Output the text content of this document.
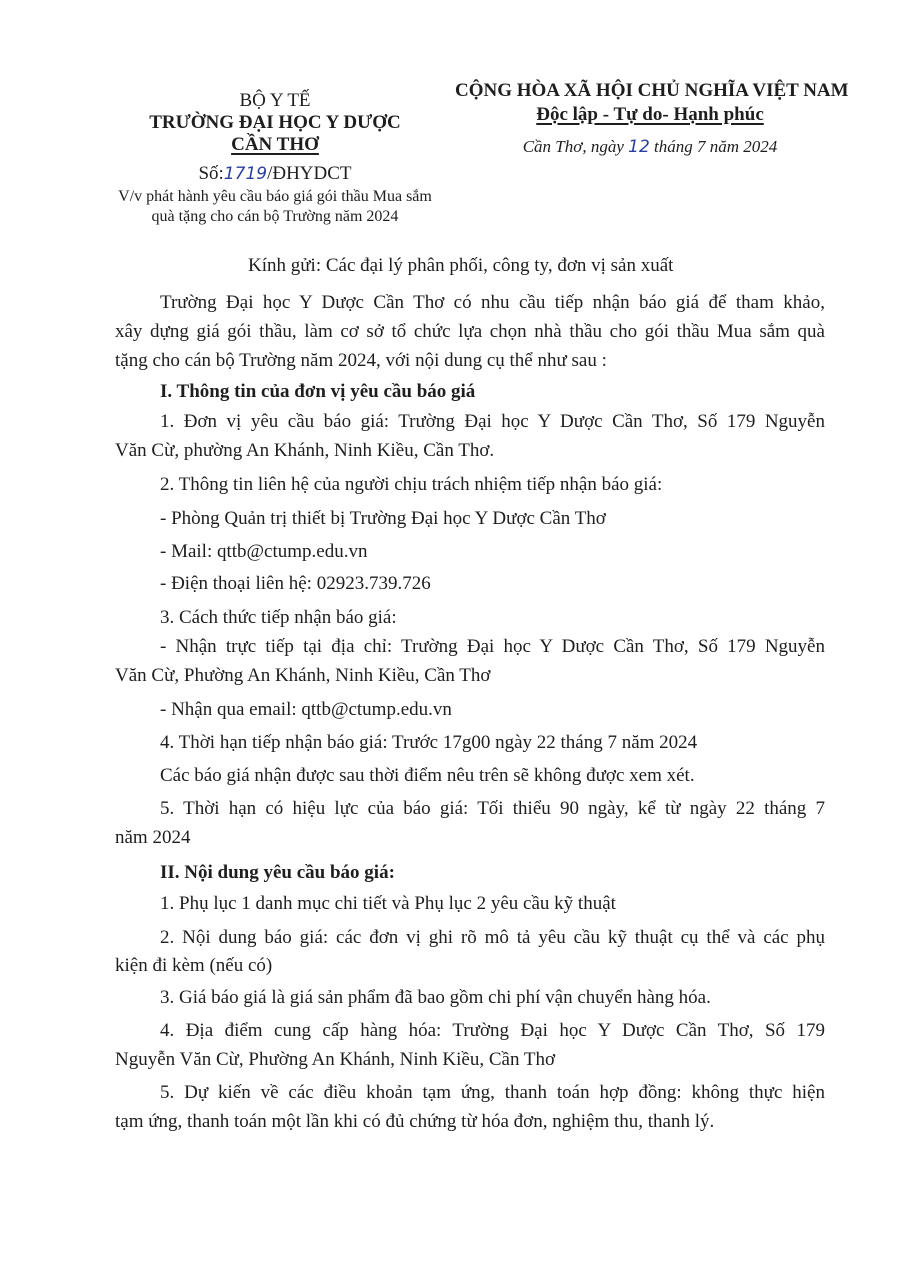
BỘ Y TẾ
TRƯỜNG ĐẠI HỌC Y DƯỢC
CẦN THƠ
Số:1719/ĐHYDCT
V/v phát hành yêu cầu báo giá gói thầu Mua sắm
quà tặng cho cán bộ Trường năm 2024
CỘNG HÒA XÃ HỘI CHỦ NGHĨA VIỆT NAM
Độc lập - Tự do- Hạnh phúc
Cần Thơ, ngày 12 tháng 7 năm 2024
Kính gửi: Các đại lý phân phối, công ty, đơn vị sản xuất
Trường Đại học Y Dược Cần Thơ có nhu cầu tiếp nhận báo giá để tham khảo,
xây dựng giá gói thầu, làm cơ sở tổ chức lựa chọn nhà thầu cho gói thầu Mua sắm quà
tặng cho cán bộ Trường năm 2024, với nội dung cụ thể như sau :
I. Thông tin của đơn vị yêu cầu báo giá
1. Đơn vị yêu cầu báo giá: Trường Đại học Y Dược Cần Thơ, Số 179 Nguyễn
Văn Cừ, phường An Khánh, Ninh Kiều, Cần Thơ.
2. Thông tin liên hệ của người chịu trách nhiệm tiếp nhận báo giá:
- Phòng Quản trị thiết bị Trường Đại học Y Dược Cần Thơ
- Mail: qttb@ctump.edu.vn
- Điện thoại liên hệ: 02923.739.726
3. Cách thức tiếp nhận báo giá:
- Nhận trực tiếp tại địa chỉ: Trường Đại học Y Dược Cần Thơ, Số 179 Nguyễn
Văn Cừ, Phường An Khánh, Ninh Kiều, Cần Thơ
- Nhận qua email: qttb@ctump.edu.vn
4. Thời hạn tiếp nhận báo giá: Trước 17g00 ngày 22 tháng 7 năm 2024
Các báo giá nhận được sau thời điểm nêu trên sẽ không được xem xét.
5. Thời hạn có hiệu lực của báo giá: Tối thiểu 90 ngày, kể từ ngày 22 tháng 7
năm 2024
II. Nội dung yêu cầu báo giá:
1. Phụ lục 1 danh mục chi tiết và Phụ lục 2 yêu cầu kỹ thuật
2. Nội dung báo giá: các đơn vị ghi rõ mô tả yêu cầu kỹ thuật cụ thể và các phụ
kiện đi kèm (nếu có)
3. Giá báo giá là giá sản phẩm đã bao gồm chi phí vận chuyển hàng hóa.
4. Địa điểm cung cấp hàng hóa: Trường Đại học Y Dược Cần Thơ, Số 179
Nguyễn Văn Cừ, Phường An Khánh, Ninh Kiều, Cần Thơ
5. Dự kiến về các điều khoản tạm ứng, thanh toán hợp đồng: không thực hiện
tạm ứng, thanh toán một lần khi có đủ chứng từ hóa đơn, nghiệm thu, thanh lý.
